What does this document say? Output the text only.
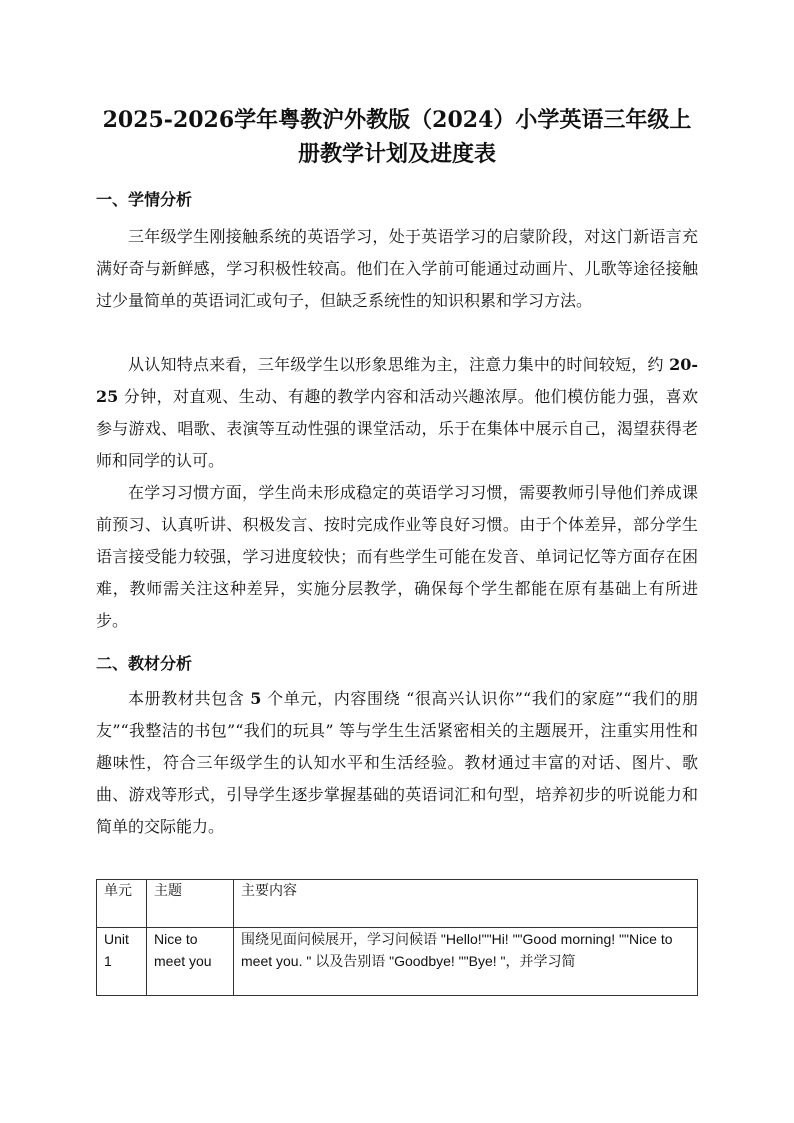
2025-2026学年粤教沪外教版（2024）小学英语三年级上
册教学计划及进度表
一、学情分析

三年级学生刚接触系统的英语学习，处于英语学习的启蒙阶段，对这门新语言充满好奇与新鲜感，学习积极性较高。他们在入学前可能通过动画片、儿歌等途径接触过少量简单的英语词汇或句子，但缺乏系统性的知识积累和学习方法。

从认知特点来看，三年级学生以形象思维为主，注意力集中的时间较短，约 20-25 分钟，对直观、生动、有趣的教学内容和活动兴趣浓厚。他们模仿能力强，喜欢参与游戏、唱歌、表演等互动性强的课堂活动，乐于在集体中展示自己，渴望获得老师和同学的认可。

在学习习惯方面，学生尚未形成稳定的英语学习习惯，需要教师引导他们养成课前预习、认真听讲、积极发言、按时完成作业等良好习惯。由于个体差异，部分学生语言接受能力较强，学习进度较快；而有些学生可能在发音、单词记忆等方面存在困难，教师需关注这种差异，实施分层教学，确保每个学生都能在原有基础上有所进步。

二、教材分析

本册教材共包含 5 个单元，内容围绕 “很高兴认识你”“我们的家庭”“我们的朋友”“我整洁的书包”“我们的玩具” 等与学生生活紧密相关的主题展开，注重实用性和趣味性，符合三年级学生的认知水平和生活经验。教材通过丰富的对话、图片、歌曲、游戏等形式，引导学生逐步掌握基础的英语词汇和句型，培养初步的听说能力和简单的交际能力。

单元	主题	主要内容
Unit 1	Nice to meet you	围绕见面问候展开，学习问候语 "Hello!""Hi! ""Good morning! ""Nice to meet you. " 以及告别语 "Goodbye! ""Bye! "，并学习简
